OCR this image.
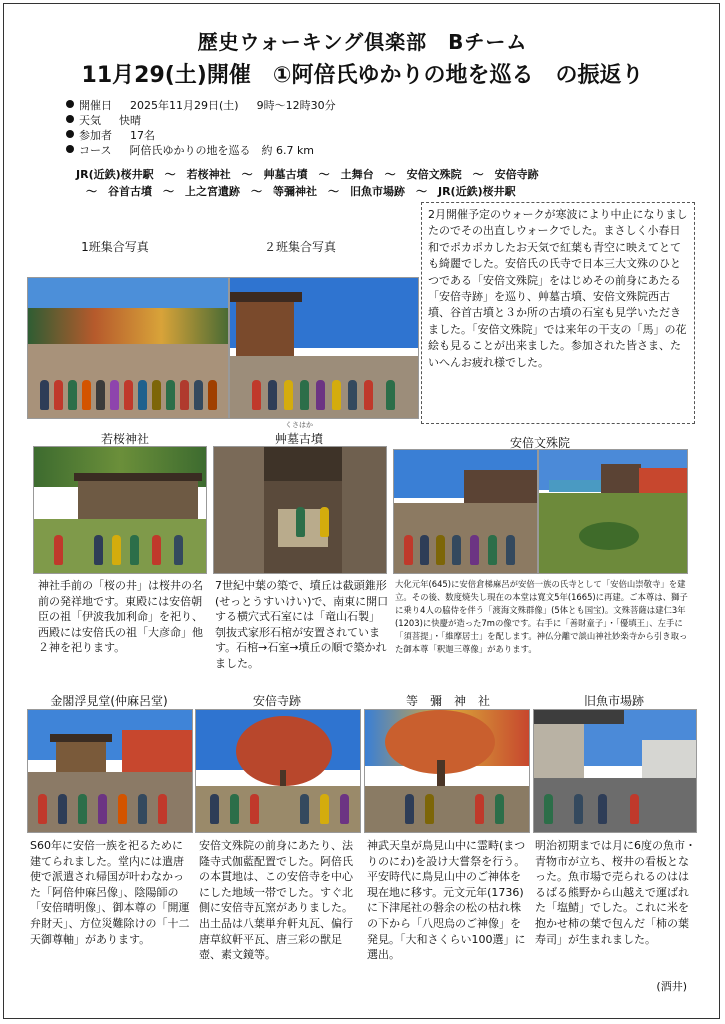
歴史ウォーキング倶楽部　Bチーム
11月29(土)開催　①阿倍氏ゆかりの地を巡る　の振返り
開催日 2025年11月29日(土) 9時～12時30分
天気 快晴
参加者 17名
コース 阿倍氏ゆかりの地を巡る　約 6.7 km
JR(近鉄)桜井駅　～　若桜神社　～　艸墓古墳　～　土舞台　～　安倍文殊院　～　安倍寺跡
～　谷首古墳　～　上之宮遺跡　～　等彌神社　～　旧魚市場跡　～　JR(近鉄)桜井駅
2月開催予定のウォークが寒波により中止になりましたのでその出直しウォークでした。まさしく小春日和でポカポカしたお天気で紅葉も青空に映えてとても綺麗でした。安倍氏の氏寺で日本三大文殊のひとつである「安倍文殊院」をはじめその前身にあたる「安倍寺跡」を巡り、艸墓古墳、安倍文殊院西古墳、谷首古墳と３か所の古墳の石室も見学いただきました。「安倍文殊院」では来年の干支の「馬」の花絵も見ることが出来ました。参加された皆さま、たいへんお疲れ様でした。
1班集合写真	２班集合写真
若桜神社
くさはか
艸墓古墳	安倍文殊院
神社手前の「桜の井」は桜井の名前の発祥地です。東殿には安倍朝臣の祖「伊波我加利命」を祀り、西殿には安倍氏の祖「大彦命」他２神を祀ります。
7世紀中葉の築で、墳丘は截頭錐形(せっとうすいけい)で、南東に開口する横穴式石室には「竜山石製」刳抜式家形石棺が安置されています。石棺→石室→墳丘の順で築かれました。
大化元年(645)に安倍倉梯麻呂が安倍一族の氏寺として「安倍山崇敬寺」を建立。その後、数度焼失し現在の本堂は寛文5年(1665)に再建。ご本尊は、獅子に乗り4人の脇侍を伴う「渡海文殊群像」(5体とも国宝)。文殊菩薩は建仁3年(1203)に快慶が造った7mの像です。右手に「善財童子」・「優填王」、左手に「須菩提」・「維摩居士」を配します。神仏分離で談山神社妙楽寺から引き取った御本尊「釈迦三尊像」があります。
金閣浮見堂(仲麻呂堂)	安倍寺跡	等　彌　神　社	旧魚市場跡
S60年に安倍一族を祀るために建てられました。堂内には遣唐使で派遣され帰国が叶わなかった「阿倍仲麻呂像」、陰陽師の「安倍晴明像」、御本尊の「開運弁財天」、方位災難除けの「十二天御尊軸」があります。
安倍文殊院の前身にあたり、法隆寺式伽藍配置でした。阿倍氏の本貫地は、この安倍寺を中心にした地域一帯でした。すぐ北側に安倍寺瓦窯がありました。出土品は八葉単弁軒丸瓦、偏行唐草紋軒平瓦、唐三彩の獣足壺、素文鏡等。
神武天皇が鳥見山中に霊畤(まつりのにわ)を設け大嘗祭を行う。平安時代に鳥見山中のご神体を現在地に移す。元文元年(1736)に下津尾社の磐余の松の枯れ株の下から「八咫烏のご神像」を発見。「大和さくらい100選」に選出。
明治初期までは月に6度の魚市・青物市が立ち、桜井の看板となった。魚市場で売られるのははるばる熊野から山越えで運ばれた「塩鯖」でした。これに米を抱かせ柿の葉で包んだ「柿の葉寿司」が生まれました。
(酒井)
